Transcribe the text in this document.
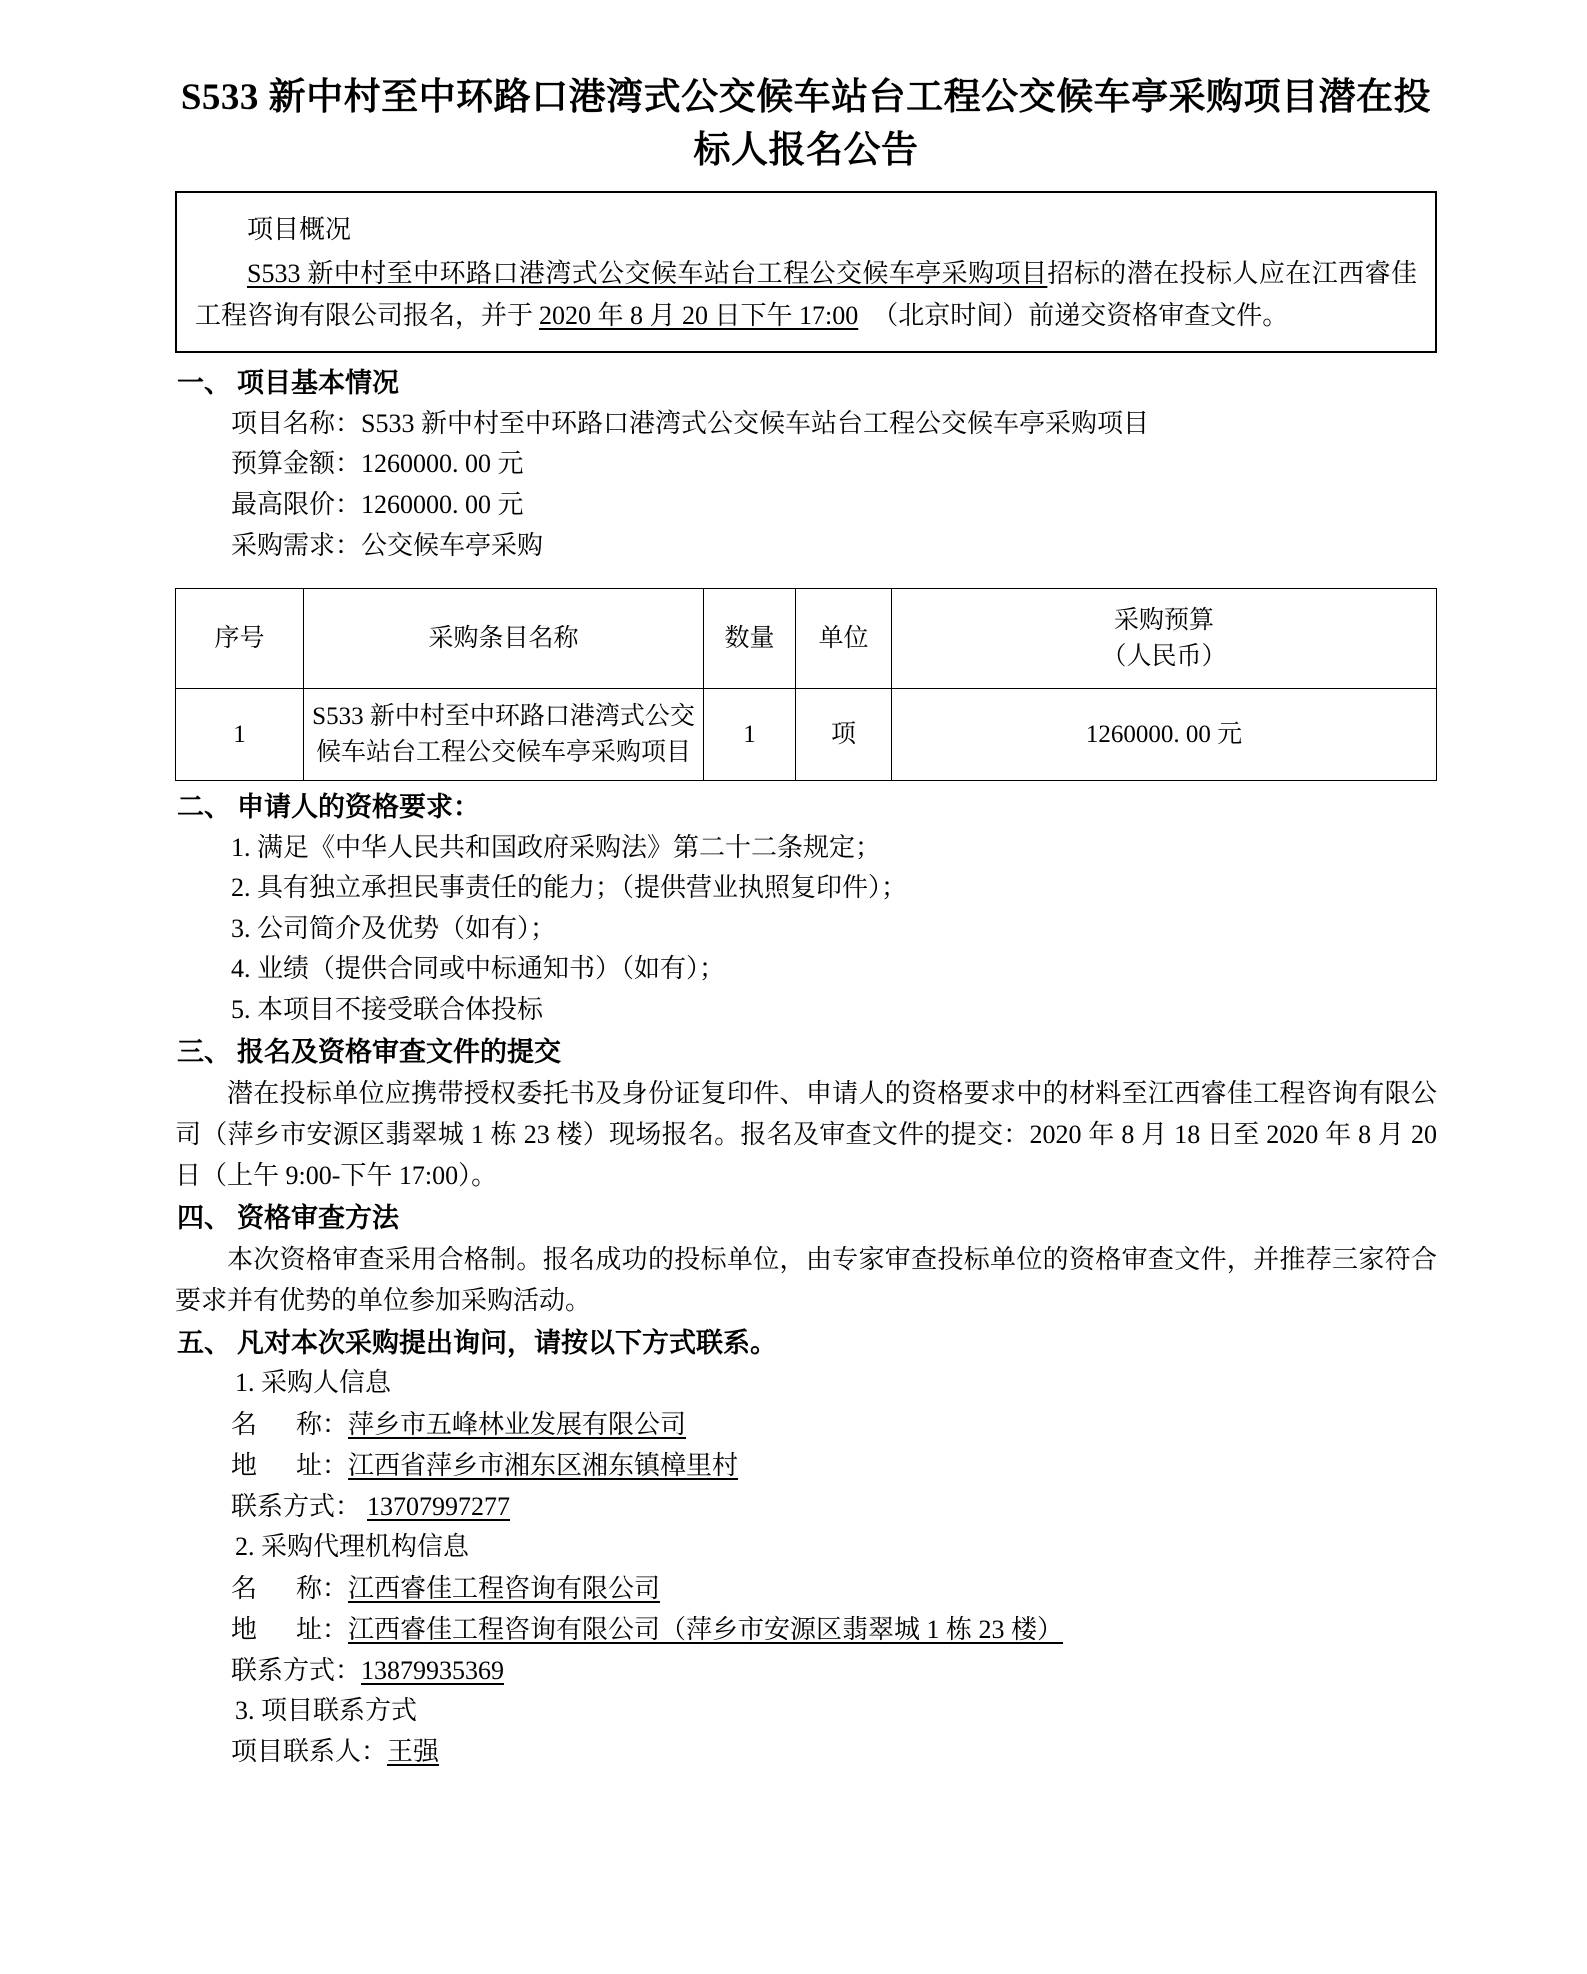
S533 新中村至中环路口港湾式公交候车站台工程公交候车亭采购项目潜在投标人报名公告

项目概况

S533 新中村至中环路口港湾式公交候车站台工程公交候车亭采购项目招标的潜在投标人应在江西睿佳工程咨询有限公司报名，并于 2020 年 8 月 20 日下午 17:00 （北京时间）前递交资格审查文件。

一、 项目基本情况

项目名称：S533 新中村至中环路口港湾式公交候车站台工程公交候车亭采购项目

预算金额：1260000. 00 元

最高限价：1260000. 00 元

采购需求：公交候车亭采购

序号	采购条目名称	数量	单位	采购预算
（人民币）

1	S533 新中村至中环路口港湾式公交候车站台工程公交候车亭采购项目	1	项	1260000. 00 元

二、 申请人的资格要求：

1. 满足《中华人民共和国政府采购法》第二十二条规定；

2. 具有独立承担民事责任的能力；（提供营业执照复印件）；

3. 公司简介及优势（如有）；

4. 业绩（提供合同或中标通知书）（如有）；

5. 本项目不接受联合体投标

三、 报名及资格审查文件的提交

潜在投标单位应携带授权委托书及身份证复印件、申请人的资格要求中的材料至江西睿佳工程咨询有限公司（萍乡市安源区翡翠城 1 栋 23 楼）现场报名。报名及审查文件的提交：2020 年 8 月 18 日至 2020 年 8 月 20 日（上午 9:00-下午 17:00）。

四、 资格审查方法

本次资格审查采用合格制。报名成功的投标单位，由专家审查投标单位的资格审查文件，并推荐三家符合要求并有优势的单位参加采购活动。

五、 凡对本次采购提出询问，请按以下方式联系。

1. 采购人信息

名      称：萍乡市五峰林业发展有限公司

地      址：江西省萍乡市湘东区湘东镇樟里村

联系方式： 13707997277

2. 采购代理机构信息

名      称：江西睿佳工程咨询有限公司

地      址：江西睿佳工程咨询有限公司（萍乡市安源区翡翠城 1 栋 23 楼）

联系方式：13879935369

3. 项目联系方式

项目联系人：王强
